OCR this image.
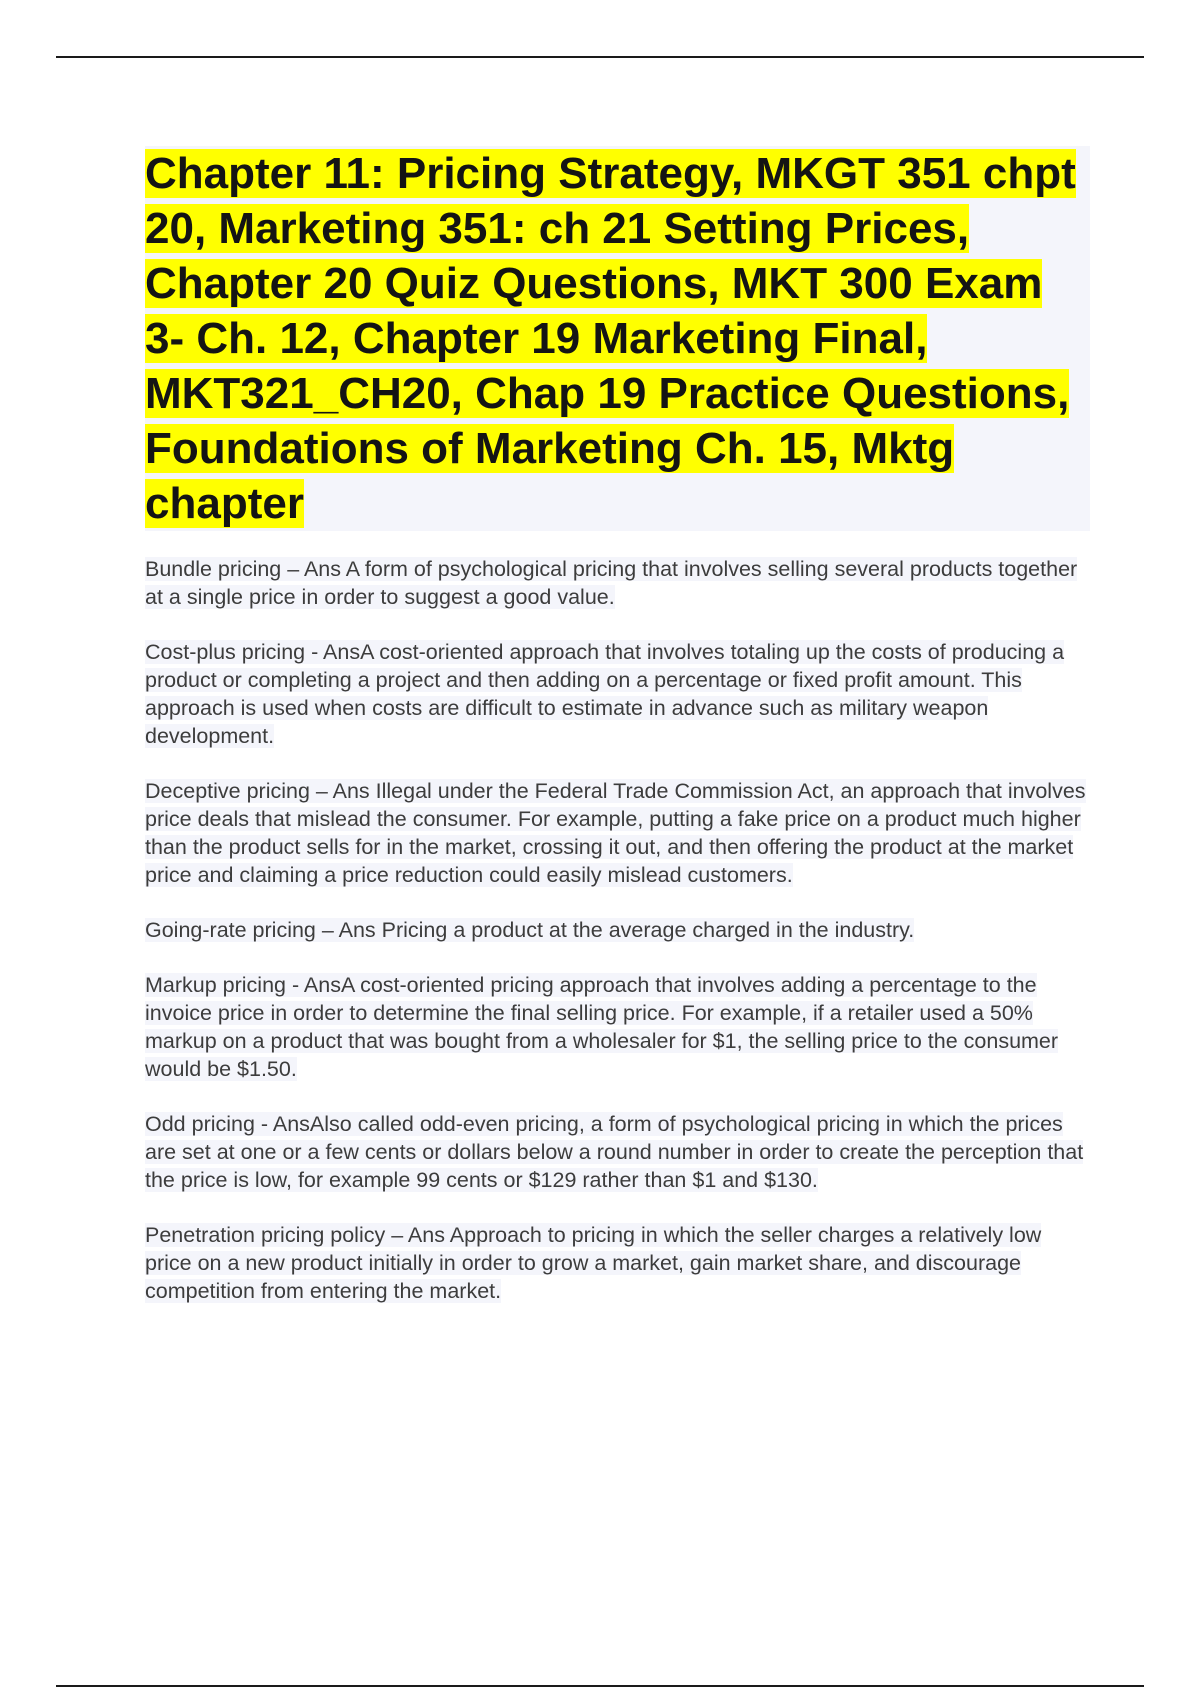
Chapter 11: Pricing Strategy, MKGT 351 chpt 20, Marketing 351: ch 21 Setting Prices, Chapter 20 Quiz Questions, MKT 300 Exam 3- Ch. 12, Chapter 19 Marketing Final, MKT321_CH20, Chap 19 Practice Questions, Foundations of Marketing Ch. 15, Mktg chapter

Bundle pricing – Ans A form of psychological pricing that involves selling several products together at a single price in order to suggest a good value.

Cost-plus pricing - AnsA cost-oriented approach that involves totaling up the costs of producing a product or completing a project and then adding on a percentage or fixed profit amount. This approach is used when costs are difficult to estimate in advance such as military weapon development.

Deceptive pricing – Ans Illegal under the Federal Trade Commission Act, an approach that involves price deals that mislead the consumer. For example, putting a fake price on a product much higher than the product sells for in the market, crossing it out, and then offering the product at the market price and claiming a price reduction could easily mislead customers.

Going-rate pricing – Ans Pricing a product at the average charged in the industry.

Markup pricing - AnsA cost-oriented pricing approach that involves adding a percentage to the invoice price in order to determine the final selling price. For example, if a retailer used a 50% markup on a product that was bought from a wholesaler for $1, the selling price to the consumer would be $1.50.

Odd pricing - AnsAlso called odd-even pricing, a form of psychological pricing in which the prices are set at one or a few cents or dollars below a round number in order to create the perception that the price is low, for example 99 cents or $129 rather than $1 and $130.

Penetration pricing policy – Ans Approach to pricing in which the seller charges a relatively low price on a new product initially in order to grow a market, gain market share, and discourage competition from entering the market.
